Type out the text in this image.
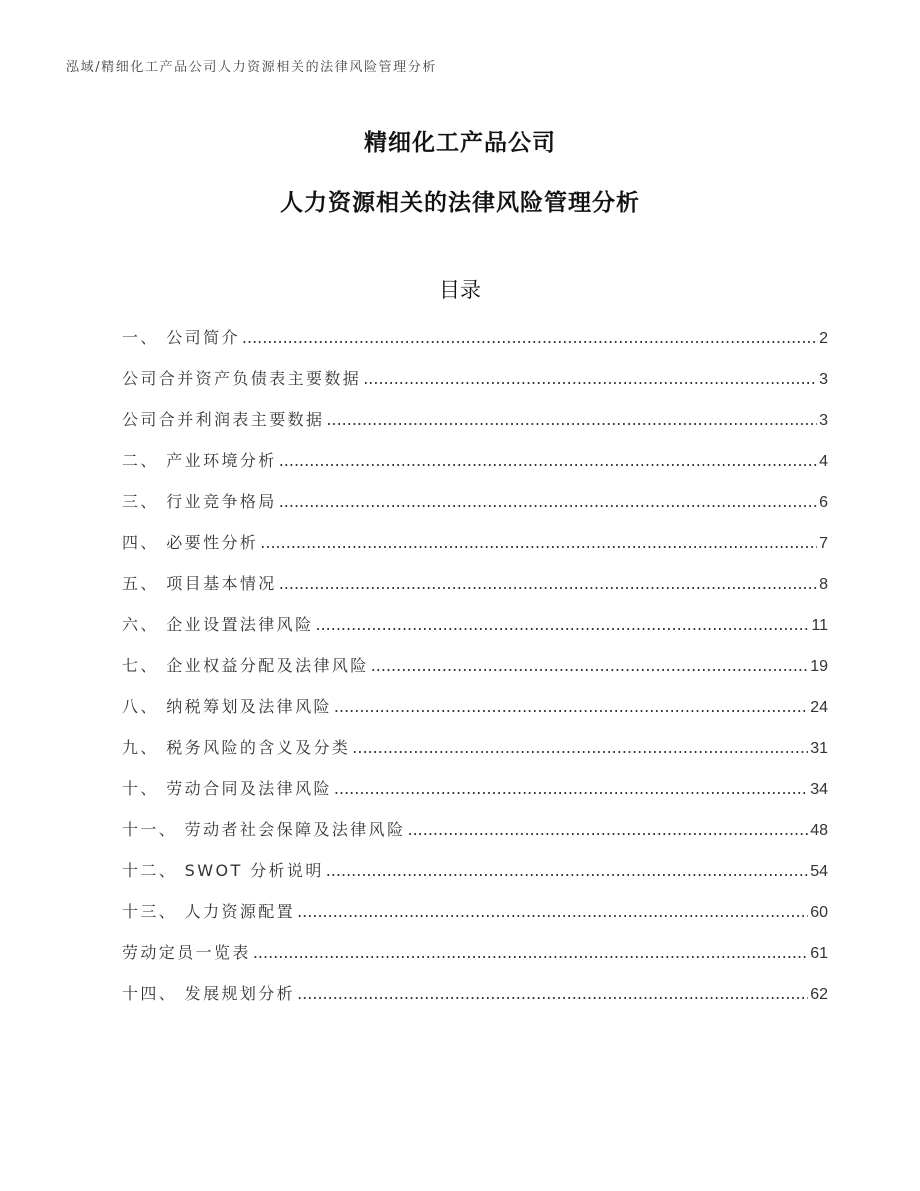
泓域/精细化工产品公司人力资源相关的法律风险管理分析
精细化工产品公司
人力资源相关的法律风险管理分析
目录
一、 公司简介 .....	2
公司合并资产负债表主要数据 .....	3
公司合并利润表主要数据 .....	3
二、 产业环境分析 .....	4
三、 行业竞争格局 .....	6
四、 必要性分析 .....	7
五、 项目基本情况 .....	8
六、 企业设置法律风险 .....	11
七、 企业权益分配及法律风险 .....	19
八、 纳税筹划及法律风险 .....	24
九、 税务风险的含义及分类 .....	31
十、 劳动合同及法律风险 .....	34
十一、 劳动者社会保障及法律风险 .....	48
十二、 SWOT 分析说明 .....	54
十三、 人力资源配置 .....	60
劳动定员一览表 .....	61
十四、 发展规划分析 .....	62
